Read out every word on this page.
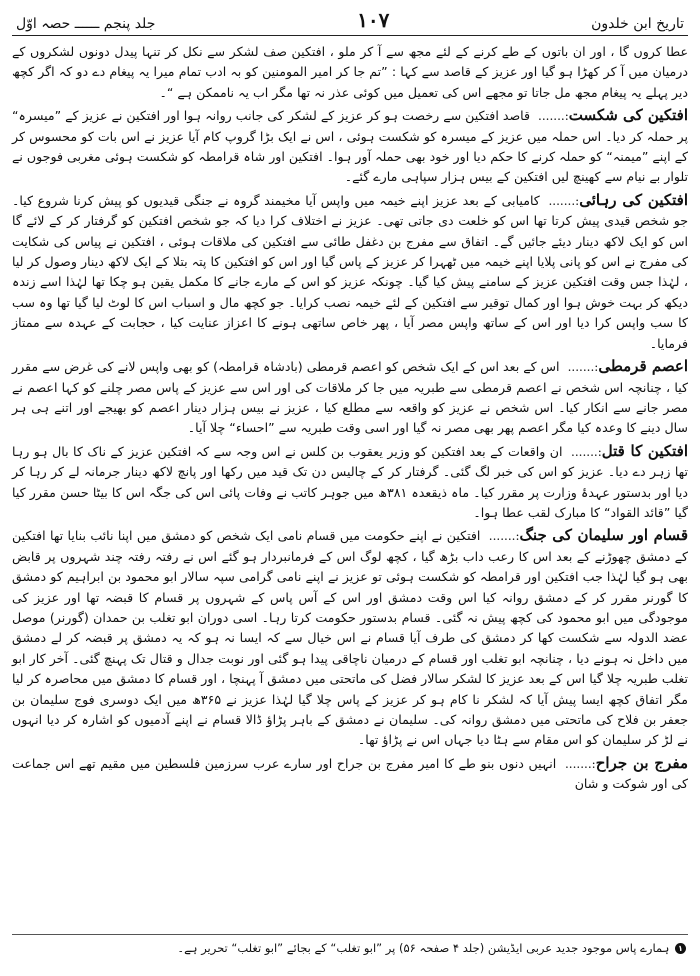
تاریخ ابن خلدون
۱۰۷
جلد پنجم ــــــ حصہ اوّل

عطا کروں گا ، اور ان باتوں کے طے کرنے کے لئے مجھ سے آ کر ملو ، افتکین صف لشکر سے نکل کر تنہا پیدل دونوں لشکروں کے درمیان میں آ کر کھڑا ہو گیا اور عزیز کے قاصد سے کہا : ”تم جا کر امیر المومنین کو بہ ادب تمام میرا یہ پیغام دے دو کہ اگر کچھ دیر پہلے یہ پیغام مجھ مل جاتا تو مجھے اس کی تعمیل میں کوئی عذر نہ تھا مگر اب یہ ناممکن ہے “۔

افتکین کی شکست:....... قاصد افتکین سے رخصت ہو کر عزیز کے لشکر کی جانب روانہ ہوا اور افتکین نے عزیز کے ”میسرہ“ پر حملہ کر دیا۔ اس حملہ میں عزیز کے میسرہ کو شکست ہوئی ، اس نے ایک بڑا گروپ کام آیا عزیز نے اس بات کو محسوس کر کے اپنے ”میمنہ“ کو حملہ کرنے کا حکم دیا اور خود بھی حملہ آور ہوا۔ افتکین اور شاہ قرامطہ کو شکست ہوئی مغربی فوجوں نے تلوار بے نیام سے کھینچ لیں افتکین کے بیس ہزار سپاہی مارے گئے۔

افتکین کی رہائی:....... کامیابی کے بعد عزیز اپنے خیمہ میں واپس آیا مخیمند گروہ نے جنگی قیدیوں کو پیش کرنا شروع کیا۔ جو شخص قیدی پیش کرتا تھا اس کو خلعت دی جاتی تھی۔ عزیز نے اختلاف کرا دیا کہ جو شخص افتکین کو گرفتار کر کے لائے گا اس کو ایک لاکھ دینار دیئے جائیں گے۔ اتفاق سے مفرج بن دغفل طائی سے افتکین کی ملاقات ہوئی ، افتکین نے پیاس کی شکایت کی مفرج نے اس کو پانی پلایا اپنے خیمہ میں ٹھہرا کر عزیز کے پاس گیا اور اس کو افتکین کا پتہ بتلا کے ایک لاکھ دینار وصول کر لیا ، لہٰذا جس وقت افتکین عزیز کے سامنے پیش کیا گیا۔ چونکہ عزیز کو اس کے مارے جانے کا مکمل یقین ہو چکا تھا لہٰذا اسے زندہ دیکھ کر بہت خوش ہوا اور کمال توقیر سے افتکین کے لئے خیمہ نصب کرایا۔ جو کچھ مال و اسباب اس کا لوٹ لیا گیا تھا وہ سب کا سب واپس کرا دیا اور اس کے ساتھ واپس مصر آیا ، پھر خاص ساتھی ہونے کا اعزاز عنایت کیا ، حجابت کے عہدہ سے ممتاز فرمایا۔

اعصم قرمطی:....... اس کے بعد اس کے ایک شخص کو اعصم قرمطی (بادشاہ قرامطہ) کو بھی واپس لانے کی غرض سے مقرر کیا ، چنانچہ اس شخص نے اعصم قرمطی سے طبریہ میں جا کر ملاقات کی اور اس سے عزیز کے پاس مصر چلنے کو کہا اعصم نے مصر جانے سے انکار کیا۔ اس شخص نے عزیز کو واقعہ سے مطلع کیا ، عزیز نے بیس ہزار دینار اعصم کو بھیجے اور اتنے ہی ہر سال دینے کا وعدہ کیا مگر اعصم پھر بھی مصر نہ گیا اور اسی وقت طبریہ سے ”احساء“ چلا آیا۔

افتکین کا قتل:....... ان واقعات کے بعد افتکین کو وزیر یعقوب بن کلس نے اس وجہ سے کہ افتکین عزیز کے ناک کا بال ہو رہا تھا زہر دے دیا۔ عزیز کو اس کی خبر لگ گئی۔ گرفتار کر کے چالیس دن تک قید میں رکھا اور پانچ لاکھ دینار جرمانہ لے کر رہا کر دیا اور بدستور عہدۂ وزارت پر مقرر کیا۔ ماہ ذیقعدہ ۳۸۱ھ میں جوہر کاتب نے وفات پائی اس کی جگہ اس کا بیٹا حسن مقرر کیا گیا ”قائد القواد“ کا مبارک لقب عطا ہوا۔

قسام اور سلیمان کی جنگ:....... افتکین نے اپنے حکومت میں قسام نامی ایک شخص کو دمشق میں اپنا نائب بنایا تھا افتکین کے دمشق چھوڑنے کے بعد اس کا رعب داب بڑھ گیا ، کچھ لوگ اس کے فرمانبردار ہو گئے اس نے رفتہ رفتہ چند شہروں پر قابض بھی ہو گیا لہٰذا جب افتکین اور قرامطہ کو شکست ہوئی تو عزیز نے اپنے نامی گرامی سپہ سالار ابو محمود بن ابراہیم کو دمشق کا گورنر مقرر کر کے دمشق روانہ کیا اس وقت دمشق اور اس کے آس پاس کے شہروں پر قسام کا قبضہ تھا اور عزیز کی موجودگی میں ابو محمود کی کچھ پیش نہ گئی۔ قسام بدستور حکومت کرتا رہا۔ اسی دوران ابو تغلب بن حمدان (گورنر) موصل عضد الدولہ سے شکست کھا کر دمشق کی طرف آیا قسام نے اس خیال سے کہ ایسا نہ ہو کہ یہ دمشق پر قبضہ کر لے دمشق میں داخل نہ ہونے دیا ، چنانچہ ابو تغلب اور قسام کے درمیان ناچاقی پیدا ہو گئی اور نوبت جدال و قتال تک پہنچ گئی۔ آخر کار ابو تغلب طبریہ چلا گیا اس کے بعد عزیز کا لشکر سالار فضل کی ماتحتی میں دمشق آ پہنچا ، اور قسام کا دمشق میں محاصرہ کر لیا مگر اتفاق کچھ ایسا پیش آیا کہ لشکر نا کام ہو کر عزیز کے پاس چلا گیا لہٰذا عزیز نے ۳۶۵ھ میں ایک دوسری فوج سلیمان بن جعفر بن فلاح کی ماتحتی میں دمشق روانہ کی۔ سلیمان نے دمشق کے باہر پڑاؤ ڈالا قسام نے اپنے آدمیوں کو اشارہ کر دیا انہوں نے لڑ کر سلیمان کو اس مقام سے ہٹا دیا جہاں اس نے پڑاؤ تھا۔

مفرج بن جراح:....... انہیں دنوں بنو طے کا امیر مفرج بن جراح اور سارے عرب سرزمین فلسطین میں مقیم تھے اس جماعت کی اور شوکت و شان

١ ہمارے پاس موجود جدید عربی ایڈیشن (جلد ۴ صفحہ ۵۶) پر ”ابو تغلب“ کے بجائے ”ابو تغلب“ تحریر ہے۔
